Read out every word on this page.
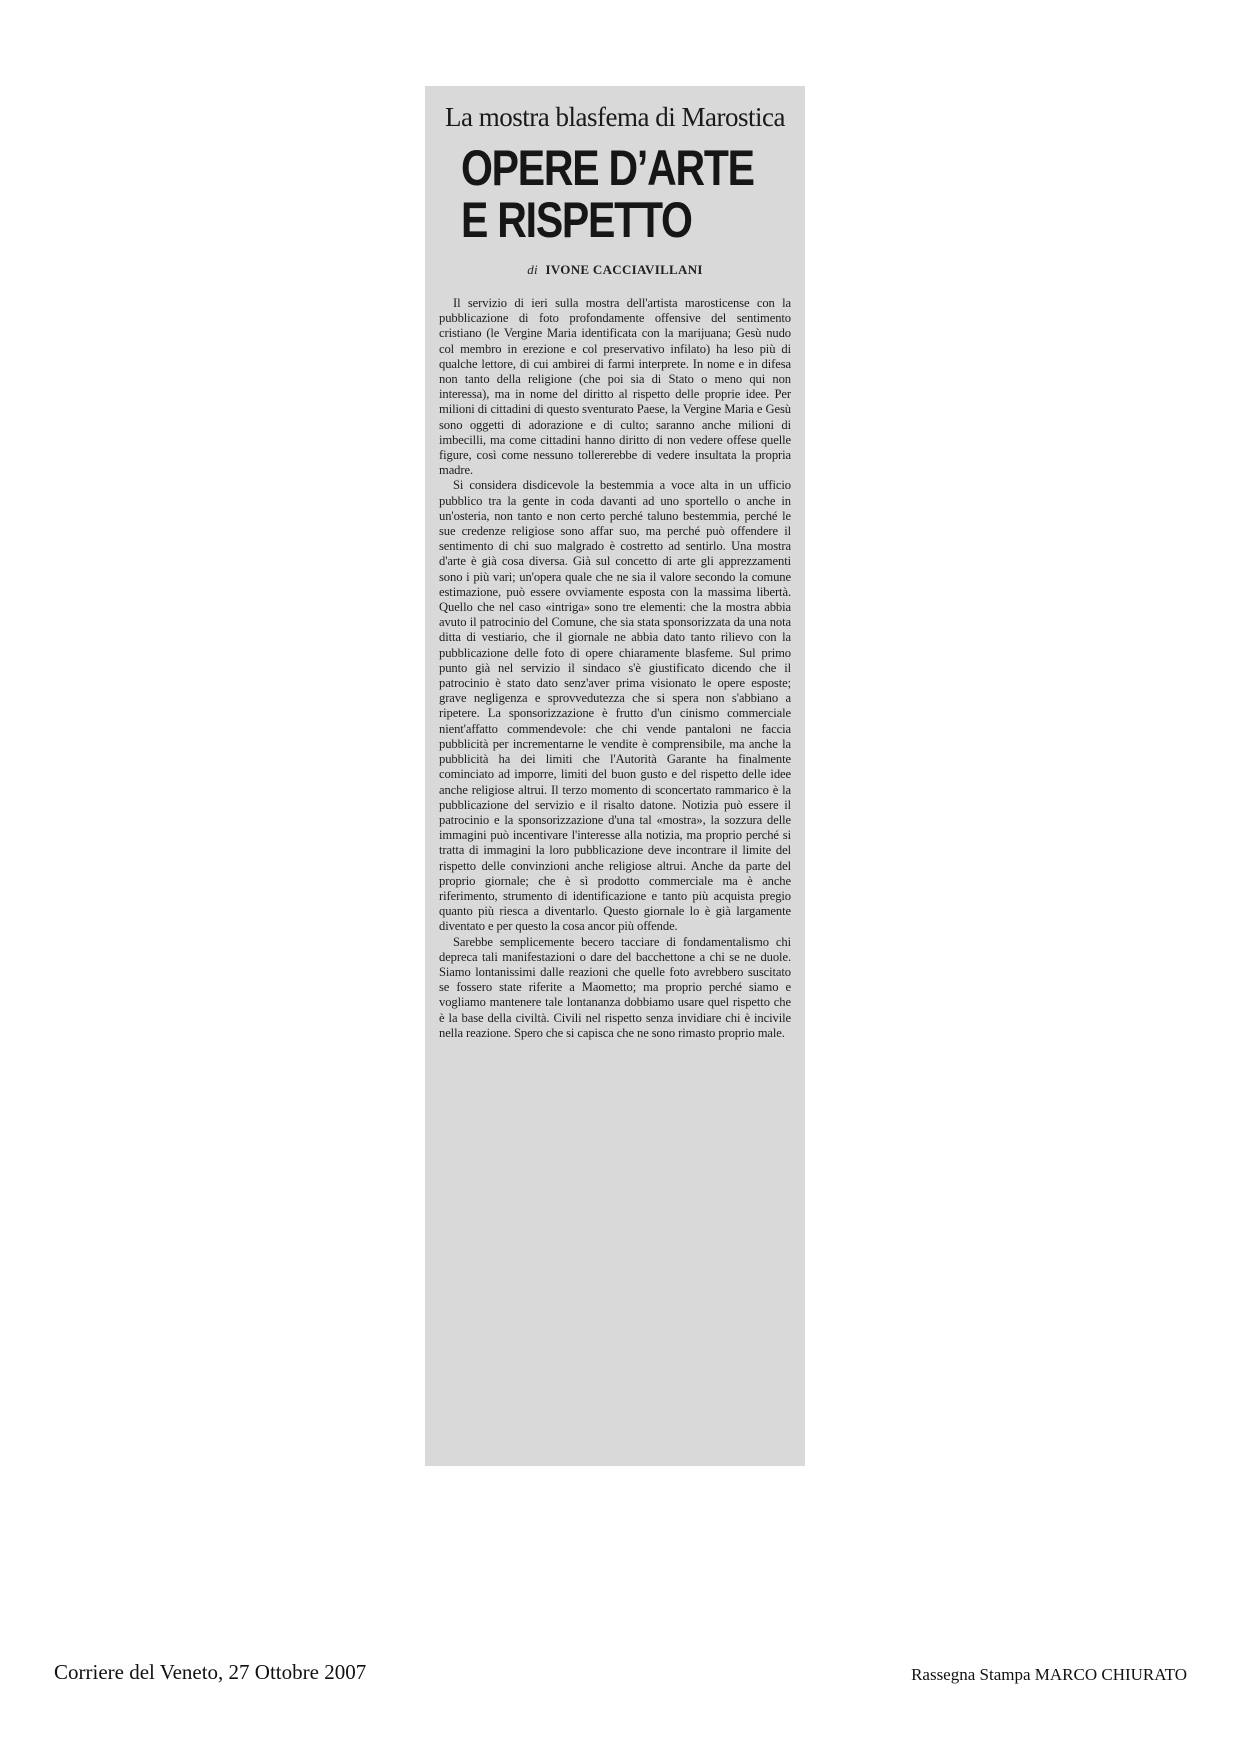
La mostra blasfema di Marostica
OPERE D’ARTE
E RISPETTO
di IVONE CACCIAVILLANI

Il servizio di ieri sulla mostra dell'artista marosticense con la pubblicazione di foto profondamente offensive del sentimento cristiano (le Vergine Maria identificata con la marijuana; Gesù nudo col membro in erezione e col preservativo infilato) ha leso più di qualche lettore, di cui ambirei di farmi interprete. In nome e in difesa non tanto della religione (che poi sia di Stato o meno qui non interessa), ma in nome del diritto al rispetto delle proprie idee. Per milioni di cittadini di questo sventurato Paese, la Vergine Maria e Gesù sono oggetti di adorazione e di culto; saranno anche milioni di imbecilli, ma come cittadini hanno diritto di non vedere offese quelle figure, così come nessuno tollererebbe di vedere insultata la propria madre.

Si considera disdicevole la bestemmia a voce alta in un ufficio pubblico tra la gente in coda davanti ad uno sportello o anche in un'osteria, non tanto e non certo perché taluno bestemmia, perché le sue credenze religiose sono affar suo, ma perché può offendere il sentimento di chi suo malgrado è costretto ad sentirlo. Una mostra d'arte è già cosa diversa. Già sul concetto di arte gli apprezzamenti sono i più vari; un'opera quale che ne sia il valore secondo la comune estimazione, può essere ovviamente esposta con la massima libertà. Quello che nel caso «intriga» sono tre elementi: che la mostra abbia avuto il patrocinio del Comune, che sia stata sponsorizzata da una nota ditta di vestiario, che il giornale ne abbia dato tanto rilievo con la pubblicazione delle foto di opere chiaramente blasfeme. Sul primo punto già nel servizio il sindaco s'è giustificato dicendo che il patrocinio è stato dato senz'aver prima visionato le opere esposte; grave negligenza e sprovvedutezza che si spera non s'abbiano a ripetere. La sponsorizzazione è frutto d'un cinismo commerciale nient'affatto commendevole: che chi vende pantaloni ne faccia pubblicità per incrementarne le vendite è comprensibile, ma anche la pubblicità ha dei limiti che l'Autorità Garante ha finalmente cominciato ad imporre, limiti del buon gusto e del rispetto delle idee anche religiose altrui. Il terzo momento di sconcertato rammarico è la pubblicazione del servizio e il risalto datone. Notizia può essere il patrocinio e la sponsorizzazione d'una tal «mostra», la sozzura delle immagini può incentivare l'interesse alla notizia, ma proprio perché si tratta di immagini la loro pubblicazione deve incontrare il limite del rispetto delle convinzioni anche religiose altrui. Anche da parte del proprio giornale; che è sì prodotto commerciale ma è anche riferimento, strumento di identificazione e tanto più acquista pregio quanto più riesca a diventarlo. Questo giornale lo è già largamente diventato e per questo la cosa ancor più offende.

Sarebbe semplicemente becero tacciare di fondamentalismo chi depreca tali manifestazioni o dare del bacchettone a chi se ne duole. Siamo lontanissimi dalle reazioni che quelle foto avrebbero suscitato se fossero state riferite a Maometto; ma proprio perché siamo e vogliamo mantenere tale lontananza dobbiamo usare quel rispetto che è la base della civiltà. Civili nel rispetto senza invidiare chi è incivile nella reazione. Spero che si capisca che ne sono rimasto proprio male.

Corriere del Veneto, 27 Ottobre 2007	Rassegna Stampa MARCO CHIURATO
